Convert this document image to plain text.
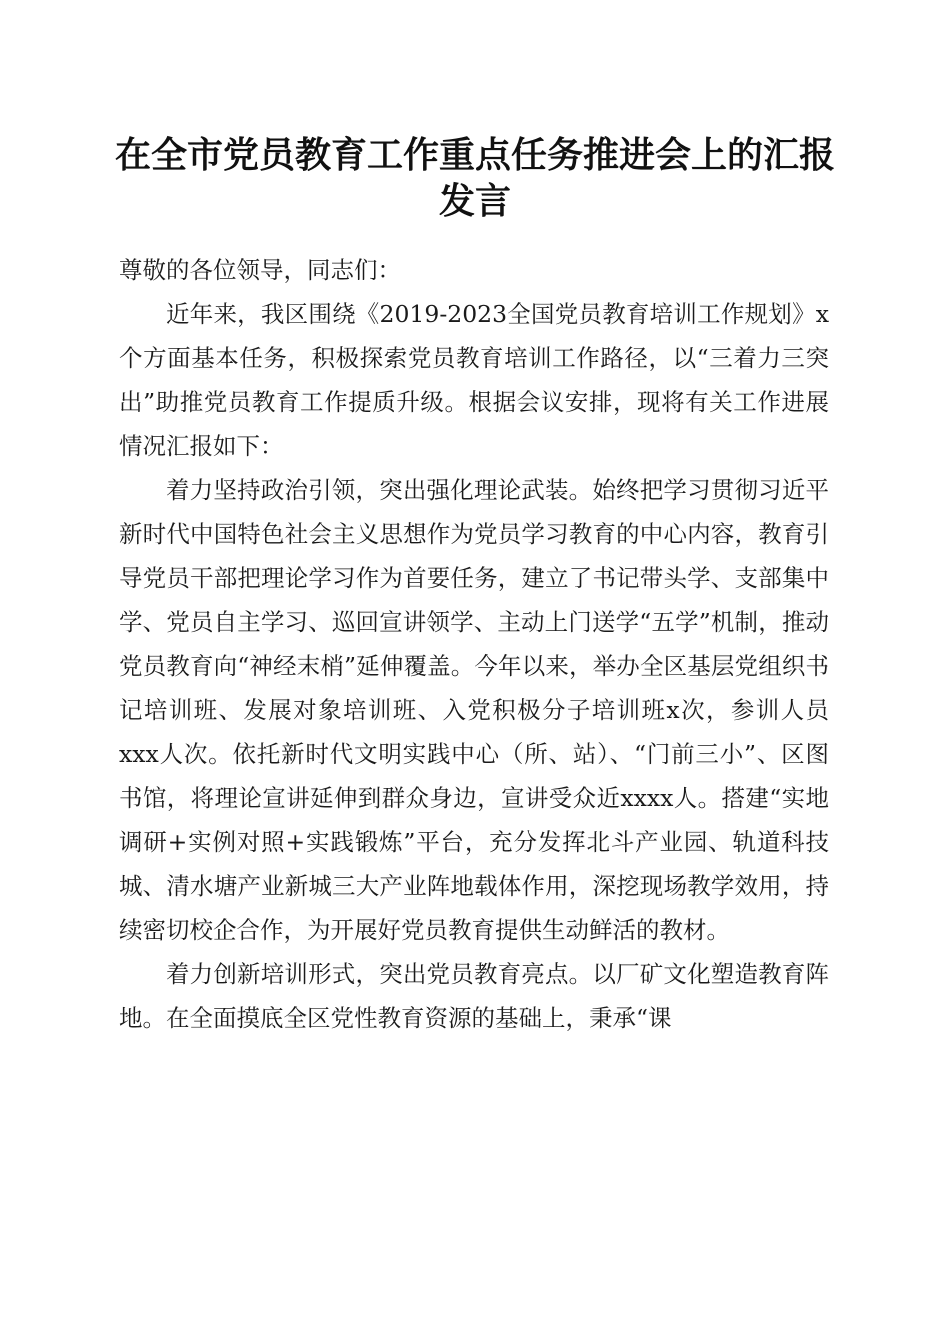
在全市党员教育工作重点任务推进会上的汇报发言

尊敬的各位领导，同志们：

近年来，我区围绕《2019-2023全国党员教育培训工作规划》x个方面基本任务，积极探索党员教育培训工作路径，以“三着力三突出”助推党员教育工作提质升级。根据会议安排，现将有关工作进展情况汇报如下：

着力坚持政治引领，突出强化理论武装。始终把学习贯彻习近平新时代中国特色社会主义思想作为党员学习教育的中心内容，教育引导党员干部把理论学习作为首要任务，建立了书记带头学、支部集中学、党员自主学习、巡回宣讲领学、主动上门送学“五学”机制，推动党员教育向“神经末梢”延伸覆盖。今年以来，举办全区基层党组织书记培训班、发展对象培训班、入党积极分子培训班x次，参训人员xxx人次。依托新时代文明实践中心（所、站）、“门前三小”、区图书馆，将理论宣讲延伸到群众身边，宣讲受众近xxxx人。搭建“实地调研+实例对照+实践锻炼”平台，充分发挥北斗产业园、轨道科技城、清水塘产业新城三大产业阵地载体作用，深挖现场教学效用，持续密切校企合作，为开展好党员教育提供生动鲜活的教材。

着力创新培训形式，突出党员教育亮点。以厂矿文化塑造教育阵地。在全面摸底全区党性教育资源的基础上，秉承“课
